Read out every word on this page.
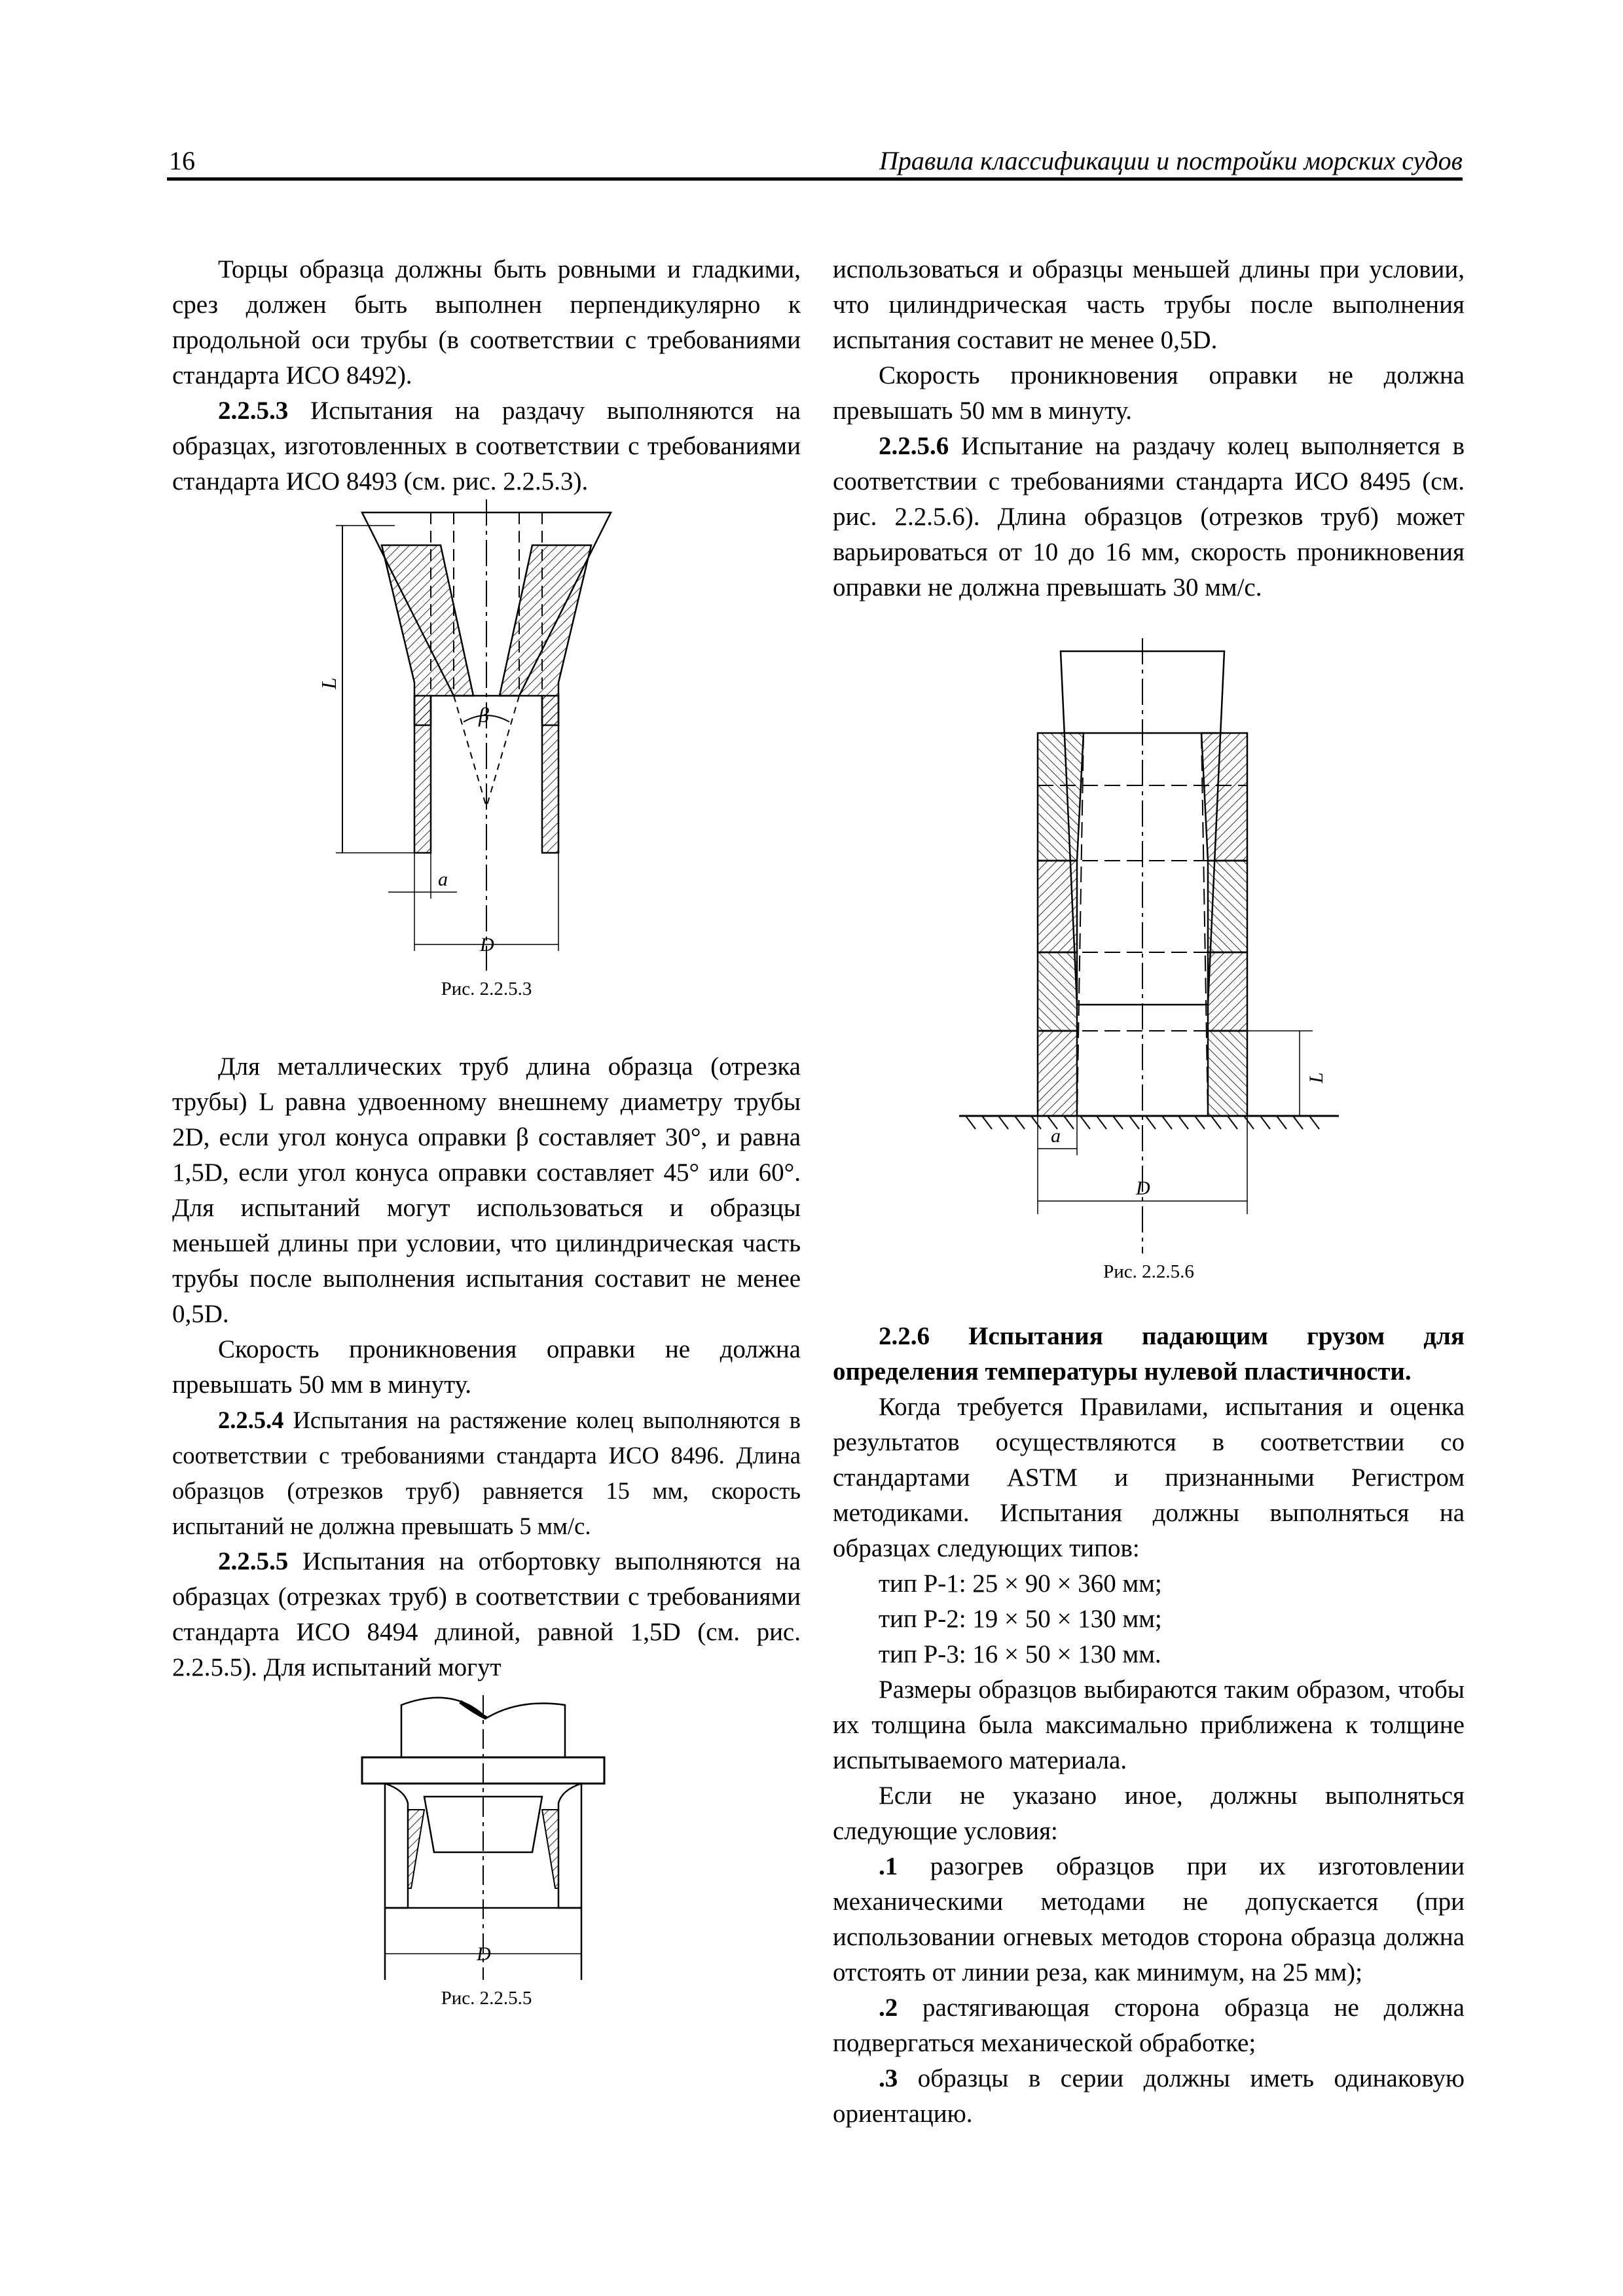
16	Правила классификации и постройки морских судов

Торцы образца должны быть ровными и гладкими, срез должен быть выполнен перпендикулярно к продольной оси трубы (в соответствии с требованиями стандарта ИСО 8492).

2.2.5.3 Испытания на раздачу выполняются на образцах, изготовленных в соответствии с требованиями стандарта ИСО 8493 (см. рис. 2.2.5.3).

β
L
a
D
Рис. 2.2.5.3

Для металлических труб длина образца (отрезка трубы) L равна удвоенному внешнему диаметру трубы 2D, если угол конуса оправки β составляет 30°, и равна 1,5D, если угол конуса оправки составляет 45° или 60°. Для испытаний могут использоваться и образцы меньшей длины при условии, что цилиндрическая часть трубы после выполнения испытания составит не менее 0,5D.

Скорость проникновения оправки не должна превышать 50 мм в минуту.

2.2.5.4 Испытания на растяжение колец выполняются в соответствии с требованиями стандарта ИСО 8496. Длина образцов (отрезков труб) равняется 15 мм, скорость испытаний не должна превышать 5 мм/с.

2.2.5.5 Испытания на отбортовку выполняются на образцах (отрезках труб) в соответствии с требованиями стандарта ИСО 8494 длиной, равной 1,5D (см. рис. 2.2.5.5). Для испытаний могут

D
Рис. 2.2.5.5

использоваться и образцы меньшей длины при условии, что цилиндрическая часть трубы после выполнения испытания составит не менее 0,5D.

Скорость проникновения оправки не должна превышать 50 мм в минуту.

2.2.5.6 Испытание на раздачу колец выполняется в соответствии с требованиями стандарта ИСО 8495 (см. рис. 2.2.5.6). Длина образцов (отрезков труб) может варьироваться от 10 до 16 мм, скорость проникновения оправки не должна превышать 30 мм/с.

L
a
D
Рис. 2.2.5.6

2.2.6 Испытания падающим грузом для определения температуры нулевой пластичности.

Когда требуется Правилами, испытания и оценка результатов осуществляются в соответствии со стандартами ASTM и признанными Регистром методиками. Испытания должны выполняться на образцах следующих типов:

тип P-1: 25 × 90 × 360 мм;
тип P-2: 19 × 50 × 130 мм;
тип P-3: 16 × 50 × 130 мм.

Размеры образцов выбираются таким образом, чтобы их толщина была максимально приближена к толщине испытываемого материала.

Если не указано иное, должны выполняться следующие условия:

.1 разогрев образцов при их изготовлении механическими методами не допускается (при использовании огневых методов сторона образца должна отстоять от линии реза, как минимум, на 25 мм);

.2 растягивающая сторона образца не должна подвергаться механической обработке;

.3 образцы в серии должны иметь одинаковую ориентацию.
